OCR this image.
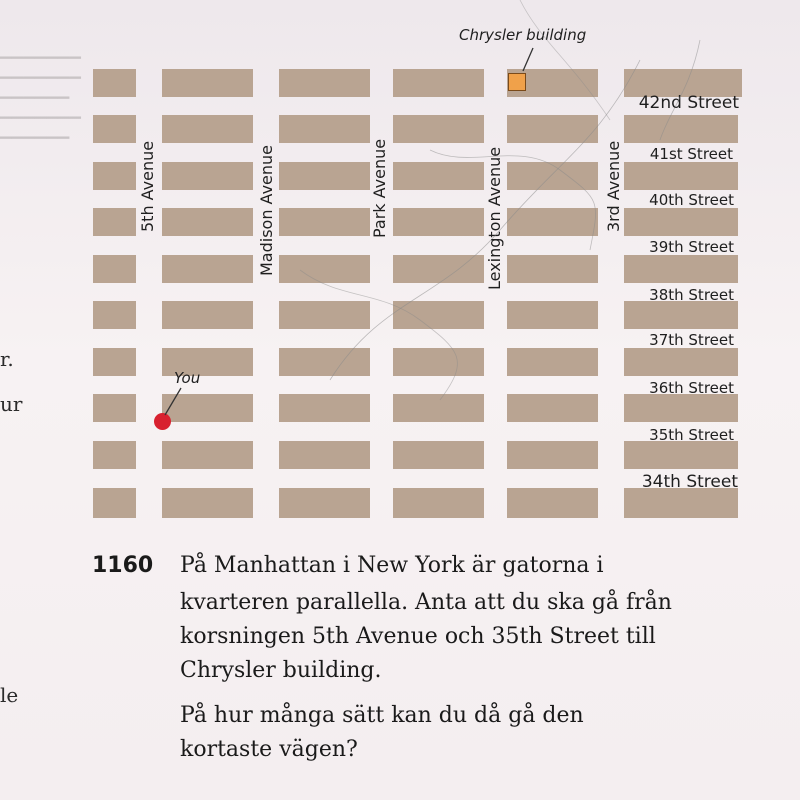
▁▁▁▁▁▁▁
▁▁▁▁▁▁▁
▁▁▁▁▁▁
▁▁▁▁▁▁▁
▁▁▁▁▁▁
r.
ur
le
Chrysler building
You
5th Avenue	Madison Avenue	Park Avenue	Lexington Avenue	3rd Avenue
42nd Street
41st Street
40th Street
39th Street
38th Street
37th Street
36th Street
35th Street
34th Street
1160 På Manhattan i New York är gatorna i
kvarteren parallella. Anta att du ska gå från
korsningen 5th Avenue och 35th Street till
Chrysler building.
På hur många sätt kan du då gå den
kortaste vägen?
